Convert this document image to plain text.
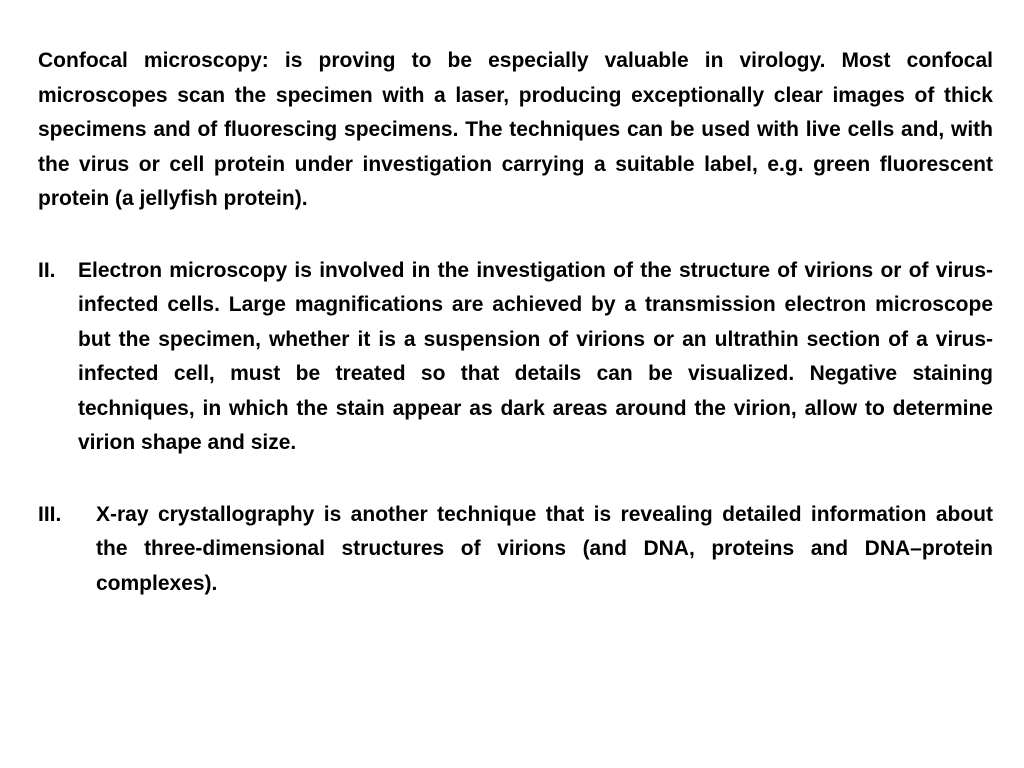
Confocal microscopy: is proving to be especially valuable in virology. Most confocal microscopes scan the specimen with a laser, producing exceptionally clear images of thick specimens and of fluorescing specimens. The techniques can be used with live cells and, with the virus or cell protein under investigation carrying a suitable label, e.g. green fluorescent protein (a jellyfish protein).

II.	Electron microscopy is involved in the investigation of the structure of virions or of virus-infected cells. Large magnifications are achieved by a transmission electron microscope but the specimen, whether it is a suspension of virions or an ultrathin section of a virus-infected cell, must be treated so that details can be visualized. Negative staining techniques, in which the stain appear as dark areas around the virion, allow to determine virion shape and size.
III.	X-ray crystallography is another technique that is revealing detailed information about the three-dimensional structures of virions (and DNA, proteins and DNA–protein complexes).
